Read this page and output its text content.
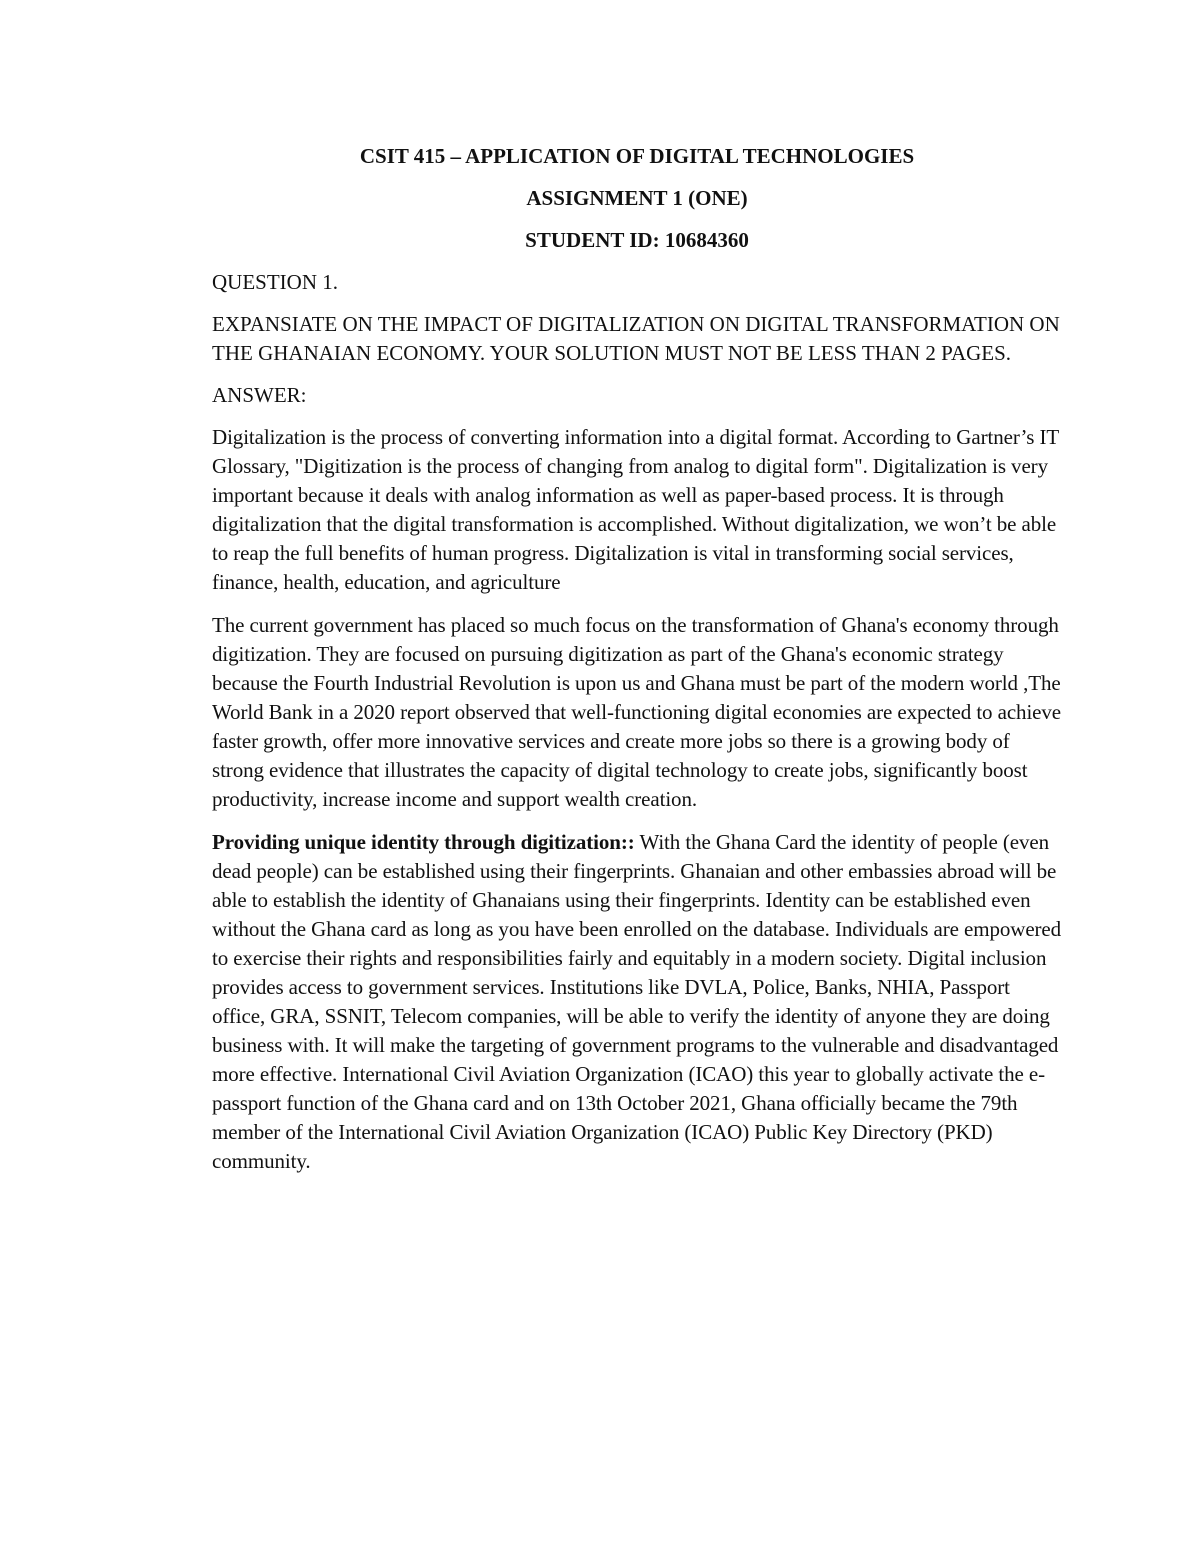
CSIT 415 – APPLICATION OF DIGITAL TECHNOLOGIES

ASSIGNMENT 1 (ONE)

STUDENT ID: 10684360

QUESTION 1.

EXPANSIATE ON THE IMPACT OF DIGITALIZATION ON DIGITAL TRANSFORMATION ON THE GHANAIAN ECONOMY. YOUR SOLUTION MUST NOT BE LESS THAN 2 PAGES.

ANSWER:

Digitalization is the process of converting information into a digital format. According to Gartner’s IT Glossary, "Digitization is the process of changing from analog to digital form". Digitalization is very important because it deals with analog information as well as paper-based process. It is through digitalization that the digital transformation is accomplished. Without digitalization, we won’t be able to reap the full benefits of human progress. Digitalization is vital in transforming social services, finance, health, education, and agriculture

The current government has placed so much focus on the transformation of Ghana's economy through digitization. They are focused on pursuing digitization as part of the Ghana's economic strategy because the Fourth Industrial Revolution is upon us and Ghana must be part of the modern world ,The World Bank in a 2020 report observed that well-functioning digital economies are expected to achieve faster growth, offer more innovative services and create more jobs so there is a growing body of strong evidence that illustrates the capacity of digital technology to create jobs, significantly boost productivity, increase income and support wealth creation.

Providing unique identity through digitization:: With the Ghana Card the identity of people (even dead people) can be established using their fingerprints. Ghanaian and other embassies abroad will be able to establish the identity of Ghanaians using their fingerprints. Identity can be established even without the Ghana card as long as you have been enrolled on the database. Individuals are empowered to exercise their rights and responsibilities fairly and equitably in a modern society. Digital inclusion provides access to government services. Institutions like DVLA, Police, Banks, NHIA, Passport office, GRA, SSNIT, Telecom companies, will be able to verify the identity of anyone they are doing business with. It will make the targeting of government programs to the vulnerable and disadvantaged more effective. International Civil Aviation Organization (ICAO) this year to globally activate the e-passport function of the Ghana card and on 13th October 2021, Ghana officially became the 79th member of the International Civil Aviation Organization (ICAO) Public Key Directory (PKD) community.
